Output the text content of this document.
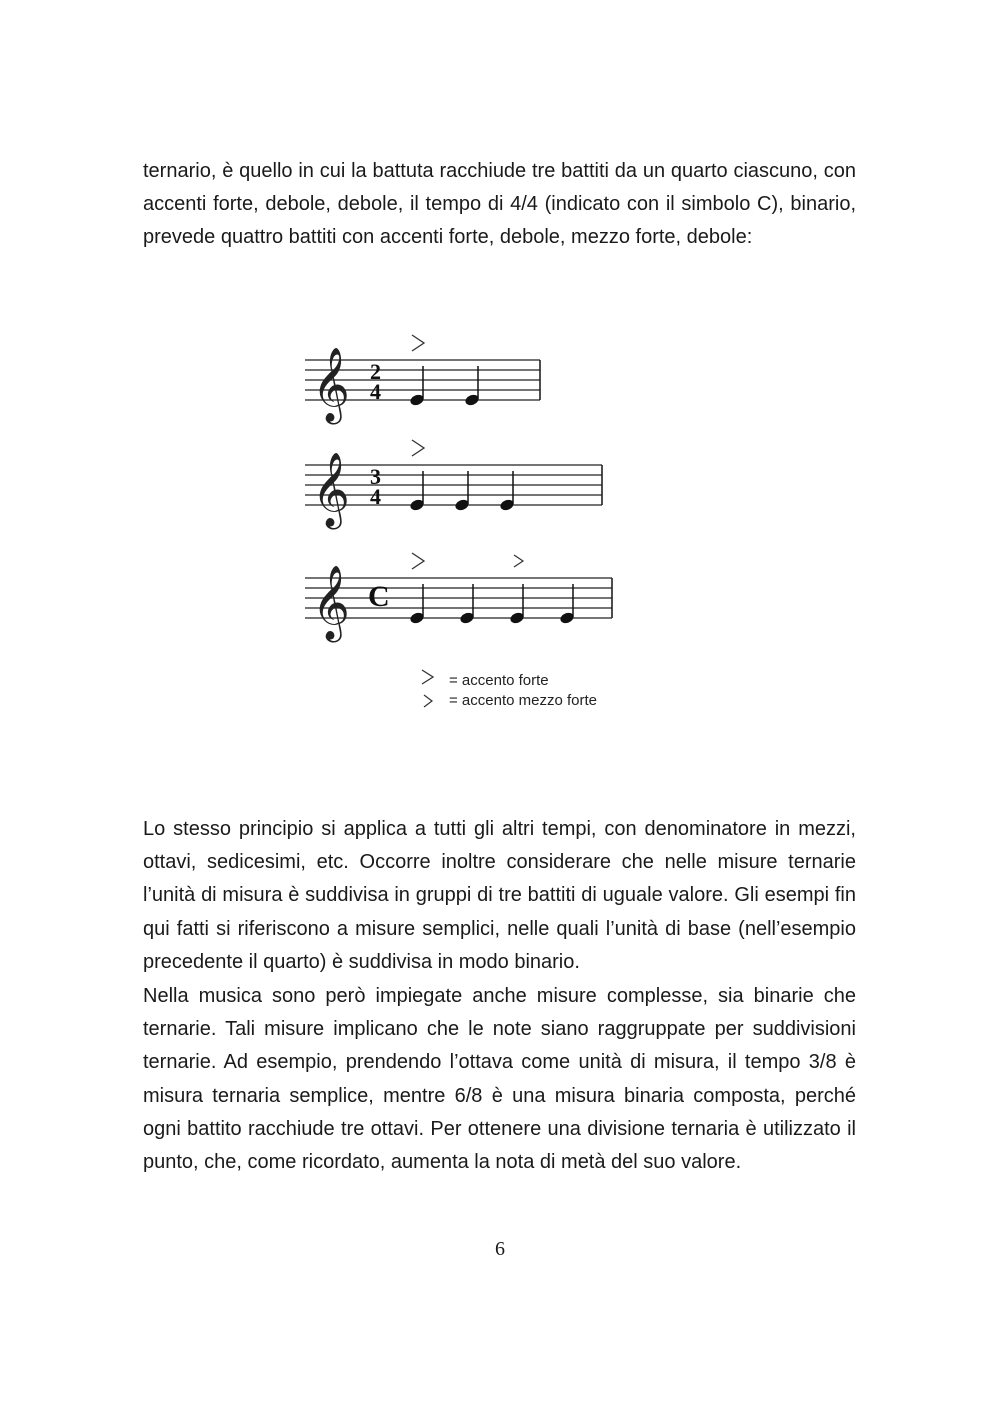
ternario, è quello in cui la battuta racchiude tre battiti da un quarto ciascuno, con accenti forte, debole, debole, il tempo di 4/4 (indicato con il simbolo C), binario, prevede quattro battiti con accenti forte, debole, mezzo forte, debole:

𝄞 2
4
𝄞 3
4
𝄞 C
= accento forte
= accento mezzo forte

Lo stesso principio si applica a tutti gli altri tempi, con denominatore in mezzi, ottavi, sedicesimi, etc. Occorre inoltre considerare che nelle misure ternarie l’unità di misura è suddivisa in gruppi di tre battiti di uguale valore. Gli esempi fin qui fatti si riferiscono a misure semplici, nelle quali l’unità di base (nell’esempio precedente il quarto) è suddivisa in modo binario.

Nella musica sono però impiegate anche misure complesse, sia binarie che ternarie. Tali misure implicano che le note siano raggruppate per suddivisioni ternarie. Ad esempio, prendendo l’ottava come unità di misura, il tempo 3/8 è misura ternaria semplice, mentre 6/8 è una misura binaria composta, perché ogni battito racchiude tre ottavi. Per ottenere una divisione ternaria è utilizzato il punto, che, come ricordato, aumenta la nota di metà del suo valore.

6
